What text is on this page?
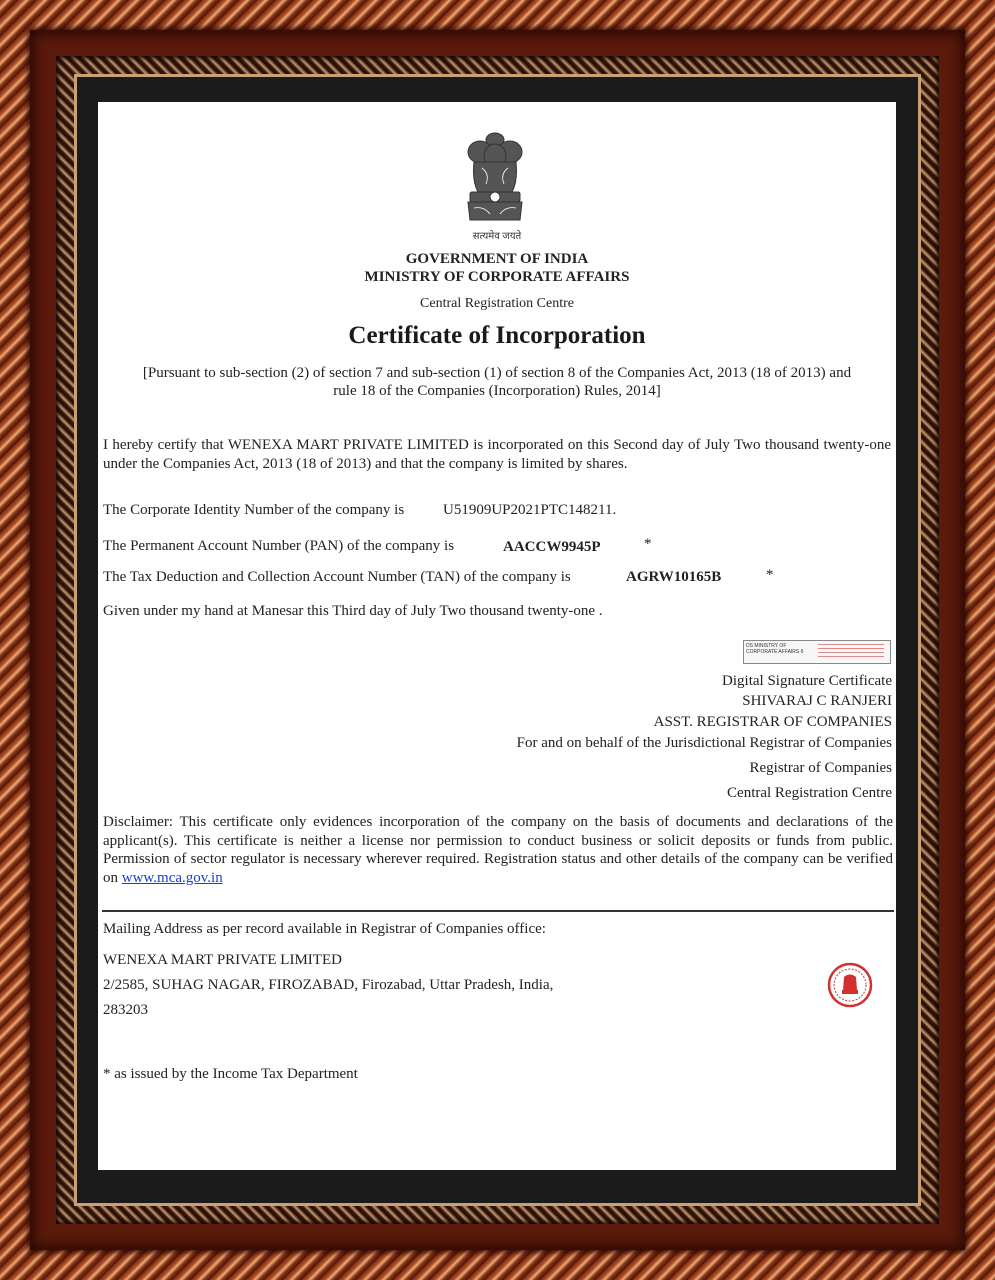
सत्यमेव जयते
GOVERNMENT OF INDIA
MINISTRY OF CORPORATE AFFAIRS
Central Registration Centre
Certificate of Incorporation
[Pursuant to sub-section (2) of section 7 and sub-section (1) of section 8 of the Companies Act, 2013 (18 of 2013) and
rule 18 of the Companies (Incorporation) Rules, 2014]
I hereby certify that WENEXA MART PRIVATE LIMITED is incorporated on this Second day of July Two thousand twenty-one under the Companies Act, 2013 (18 of 2013) and that the company is limited by shares.
The Corporate Identity Number of the company is	U51909UP2021PTC148211.
The Permanent Account Number (PAN) of the company is	AACCW9945P	*
The Tax Deduction and Collection Account Number (TAN) of the company is	AGRW10165B	*
Given under my hand at Manesar this Third day of July Two thousand twenty-one .
DS MINISTRY OF CORPORATE AFFAIRS 6
Digital Signature Certificate
SHIVARAJ C RANJERI
ASST. REGISTRAR OF COMPANIES
For and on behalf of the Jurisdictional Registrar of Companies
Registrar of Companies
Central Registration Centre
Disclaimer: This certificate only evidences incorporation of the company on the basis of documents and declarations of the applicant(s). This certificate is neither a license nor permission to conduct business or solicit deposits or funds from public. Permission of sector regulator is necessary wherever required. Registration status and other details of the company can be verified on www.mca.gov.in
Mailing Address as per record available in Registrar of Companies office:
WENEXA MART PRIVATE LIMITED
2/2585, SUHAG NAGAR, FIROZABAD, Firozabad, Uttar Pradesh, India,
283203
* as issued by the Income Tax Department
